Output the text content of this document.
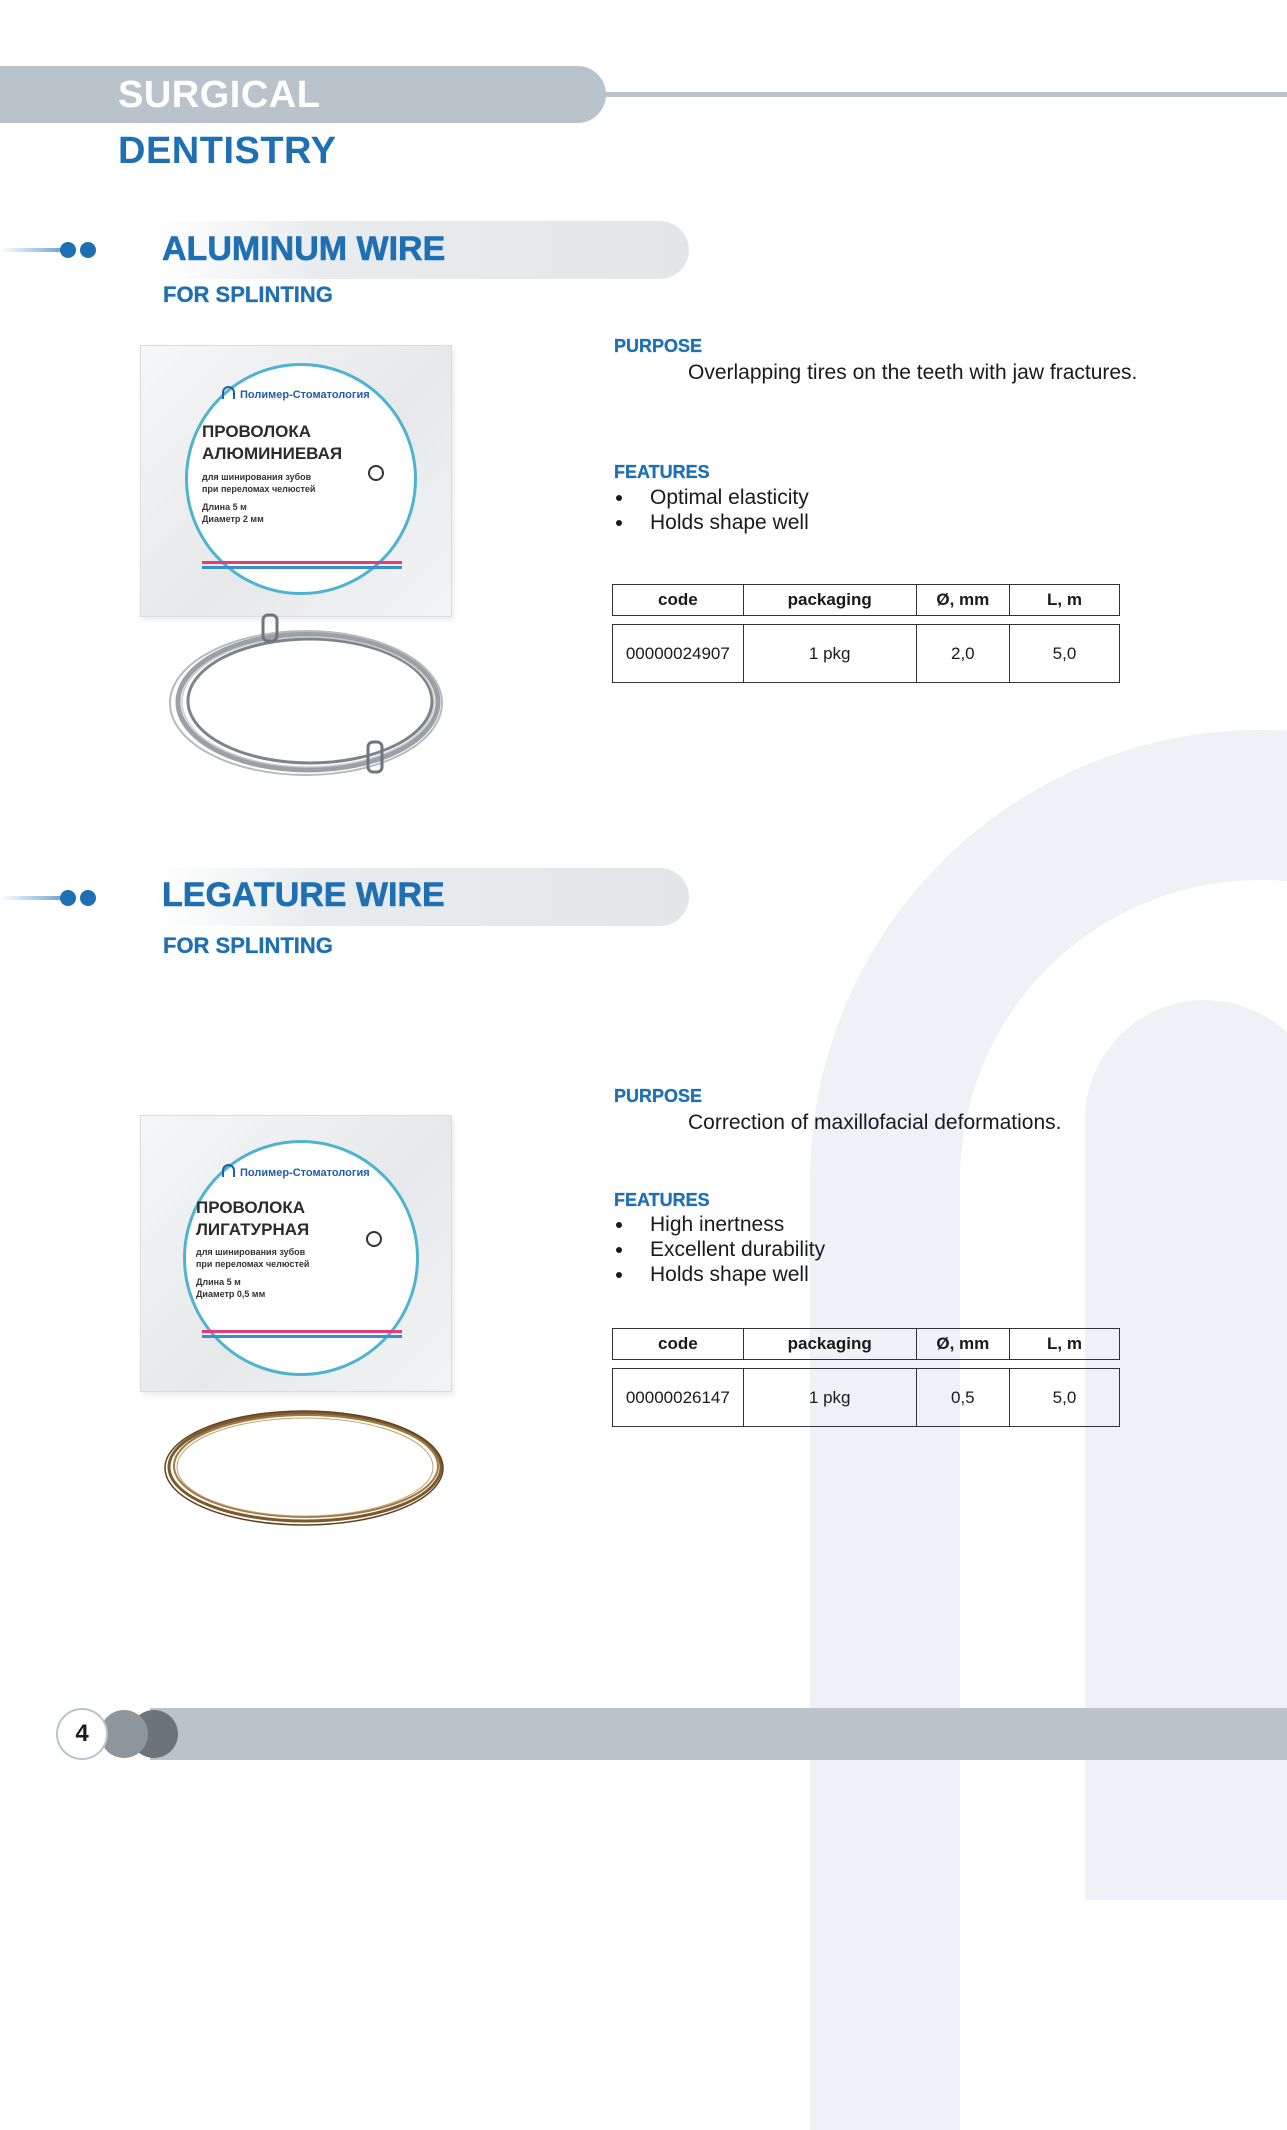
SURGICAL
DENTISTRY
ALUMINUM WIRE
FOR SPLINTING
Полимер-Стоматология
ПРОВОЛОКА
АЛЮМИНИЕВАЯ
для шинирования зубов
при переломах челюстей
Длина 5 м
Диаметр 2 мм
PURPOSE
Overlapping tires on the teeth with jaw fractures.
FEATURES
Optimal elasticity
Holds shape well
code	packaging	Ø, mm	L, m

00000024907	1 pkg	2,0	5,0
LEGATURE WIRE
FOR SPLINTING
Полимер-Стоматология
ПРОВОЛОКА
ЛИГАТУРНАЯ
для шинирования зубов
при переломах челюстей
Длина 5 м
Диаметр 0,5 мм
PURPOSE
Correction of maxillofacial deformations.
FEATURES
High inertness
Excellent durability
Holds shape well
code	packaging	Ø, mm	L, m

00000026147	1 pkg	0,5	5,0
4
